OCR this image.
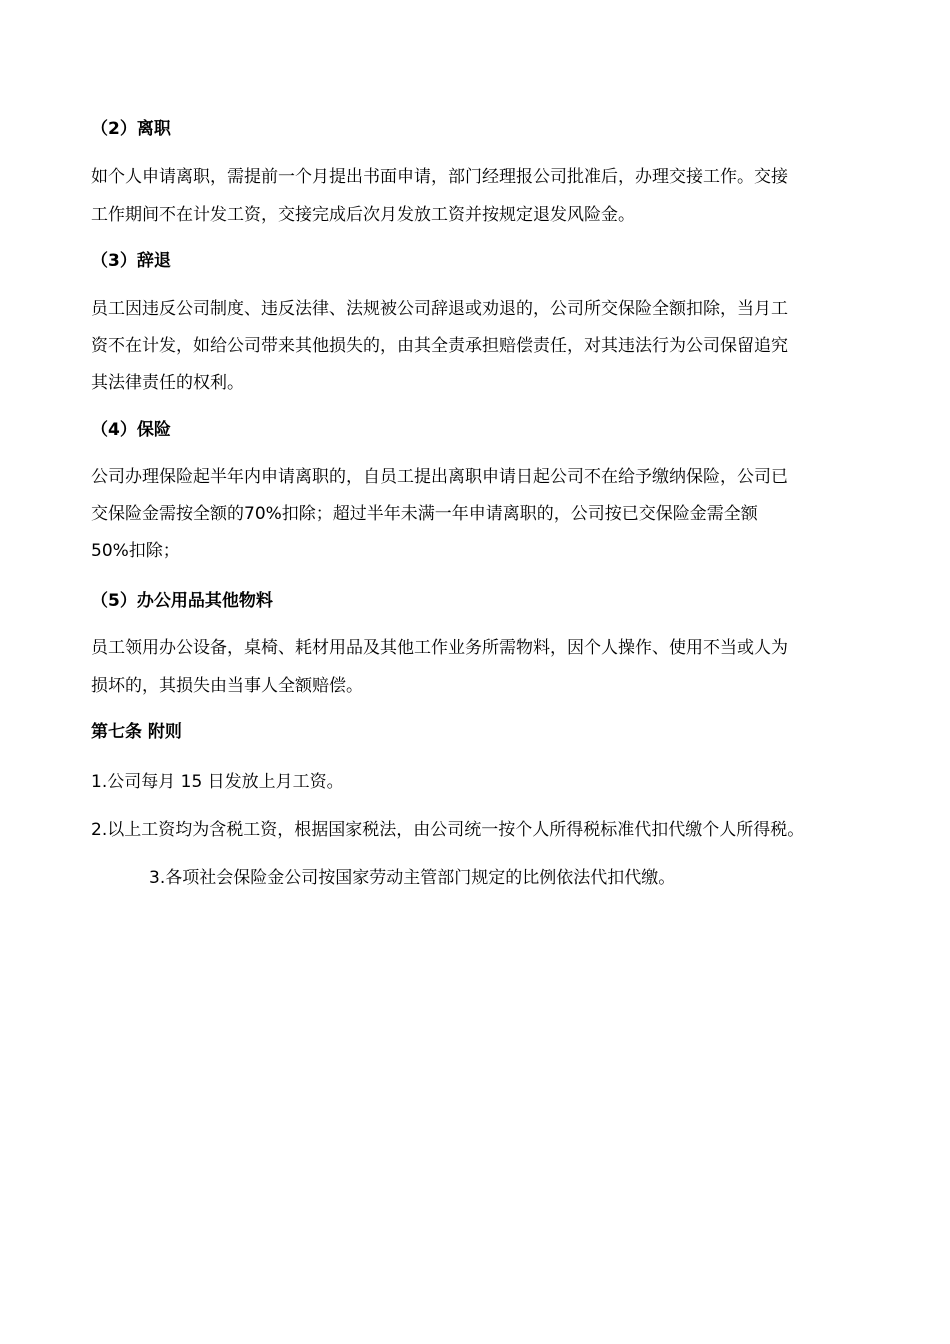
（2）离职
如个人申请离职，需提前一个月提出书面申请，部门经理报公司批准后，办理交接工作。交接
工作期间不在计发工资，交接完成后次月发放工资并按规定退发风险金。
（3）辞退
员工因违反公司制度、违反法律、法规被公司辞退或劝退的，公司所交保险全额扣除，当月工
资不在计发，如给公司带来其他损失的，由其全责承担赔偿责任，对其违法行为公司保留追究
其法律责任的权利。
（4）保险
公司办理保险起半年内申请离职的，自员工提出离职申请日起公司不在给予缴纳保险，公司已
交保险金需按全额的70%扣除；超过半年未满一年申请离职的，公司按已交保险金需全额
50%扣除；
（5）办公用品其他物料
员工领用办公设备，桌椅、耗材用品及其他工作业务所需物料，因个人操作、使用不当或人为
损坏的，其损失由当事人全额赔偿。
第七条 附则
1.公司每月 15 日发放上月工资。
2.以上工资均为含税工资，根据国家税法，由公司统一按个人所得税标准代扣代缴个人所得税。
3.各项社会保险金公司按国家劳动主管部门规定的比例依法代扣代缴。
